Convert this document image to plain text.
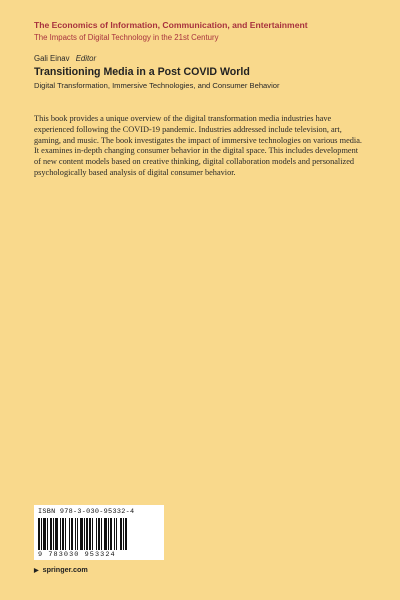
The Economics of Information, Communication, and Entertainment
The Impacts of Digital Technology in the 21st Century
Gali Einav Editor
Transitioning Media in a Post COVID World
Digital Transformation, Immersive Technologies, and Consumer Behavior

This book provides a unique overview of the digital transformation media industries have experienced following the COVID-19 pandemic. Industries addressed include television, art, gaming, and music. The book investigates the impact of immersive technologies on various media. It examines in-depth changing consumer behavior in the digital space. This includes development of new content models based on creative thinking, digital collaboration models and personalized psychologically based analysis of digital consumer behavior.

ISBN 978-3-030-95332-4
9 783030 953324
▶ springer.com
